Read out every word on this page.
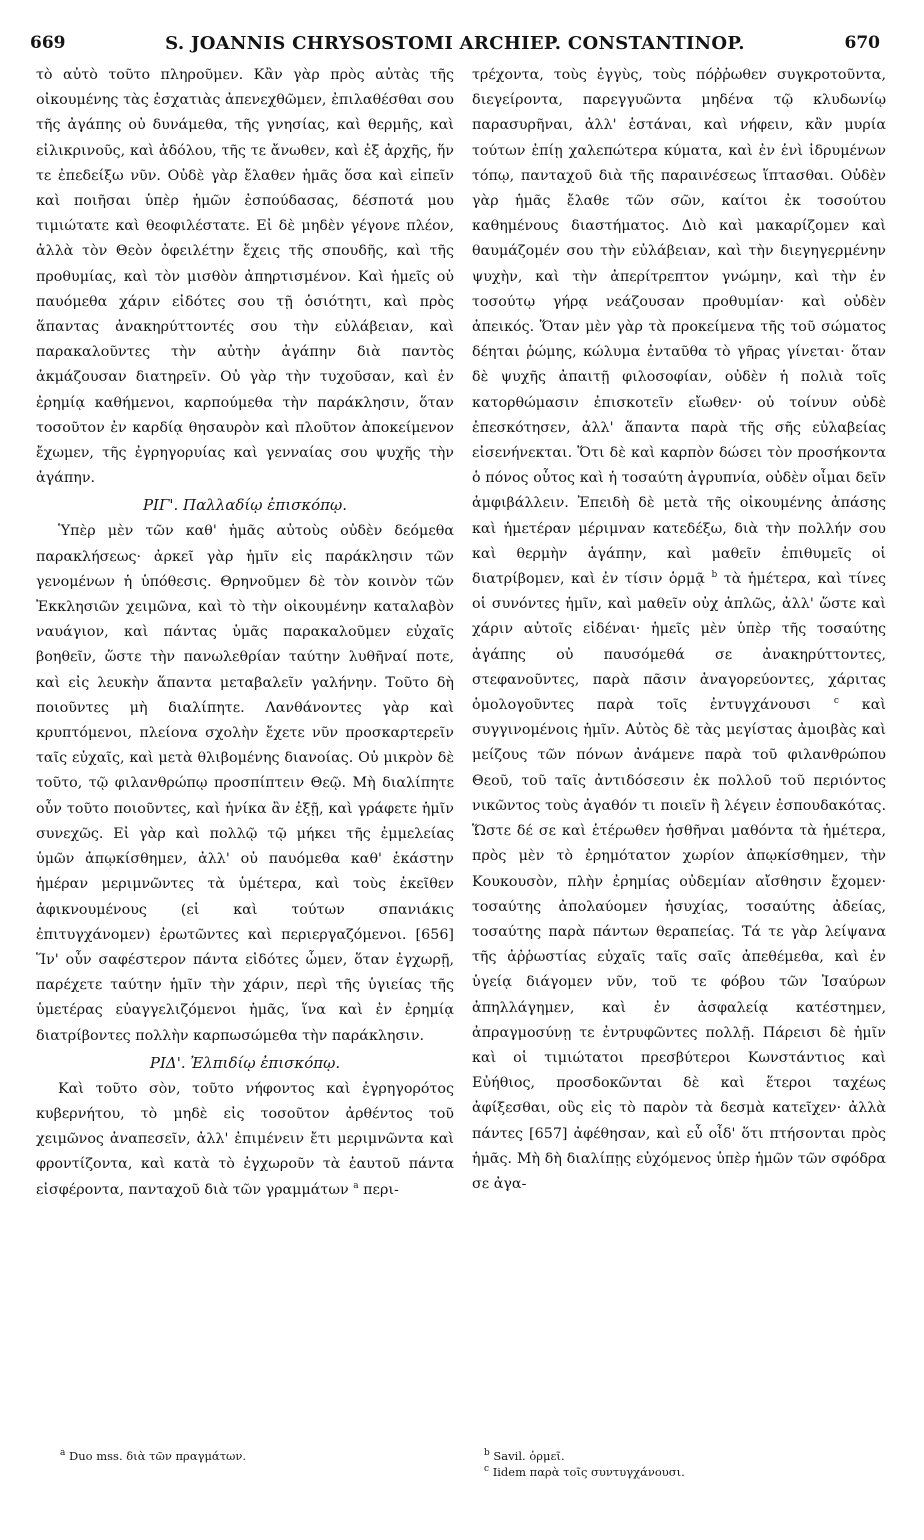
669	S. JOANNIS CHRYSOSTOMI ARCHIEP. CONSTANTINOP.	670

τὸ αὐτὸ τοῦτο πληροῦμεν. Κἂν γὰρ πρὸς αὐτὰς τῆς οἰκουμένης τὰς ἐσχατιὰς ἀπενεχθῶμεν, ἐπιλαθέσθαι σου τῆς ἀγάπης οὐ δυνάμεθα, τῆς γνησίας, καὶ θερμῆς, καὶ εἰλικρινοῦς, καὶ ἀδόλου, τῆς τε ἄνωθεν, καὶ ἐξ ἀρχῆς, ἥν τε ἐπεδείξω νῦν. Οὐδὲ γὰρ ἔλαθεν ἡμᾶς ὅσα καὶ εἰπεῖν καὶ ποιῆσαι ὑπὲρ ἡμῶν ἐσπούδασας, δέσποτά μου τιμιώτατε καὶ θεοφιλέστατε. Εἰ δὲ μηδὲν γέγονε πλέον, ἀλλὰ τὸν Θεὸν ὀφειλέτην ἔχεις τῆς σπουδῆς, καὶ τῆς προθυμίας, καὶ τὸν μισθὸν ἀπηρτισμένον. Καὶ ἡμεῖς οὐ παυόμεθα χάριν εἰδότες σου τῇ ὁσιότητι, καὶ πρὸς ἅπαντας ἀνακηρύττοντές σου τὴν εὐλάβειαν, καὶ παρακαλοῦντες τὴν αὐτὴν ἀγάπην διὰ παντὸς ἀκμάζουσαν διατηρεῖν. Οὐ γὰρ τὴν τυχοῦσαν, καὶ ἐν ἐρημίᾳ καθήμενοι, καρπούμεθα τὴν παράκλησιν, ὅταν τοσοῦτον ἐν καρδίᾳ θησαυρὸν καὶ πλοῦτον ἀποκείμενον ἔχωμεν, τῆς ἐγρηγορυίας καὶ γενναίας σου ψυχῆς τὴν ἀγάπην.

ΡΙΓ'. Παλλαδίῳ ἐπισκόπῳ.

Ὑπὲρ μὲν τῶν καθ' ἡμᾶς αὐτοὺς οὐδὲν δεόμεθα παρακλήσεως· ἀρκεῖ γὰρ ἡμῖν εἰς παράκλησιν τῶν γενομένων ἡ ὑπόθεσις. Θρηνοῦμεν δὲ τὸν κοινὸν τῶν Ἐκκλησιῶν χειμῶνα, καὶ τὸ τὴν οἰκουμένην καταλαβὸν ναυάγιον, καὶ πάντας ὑμᾶς παρακαλοῦμεν εὐχαῖς βοηθεῖν, ὥστε τὴν πανωλεθρίαν ταύτην λυθῆναί ποτε, καὶ εἰς λευκὴν ἅπαντα μεταβαλεῖν γαλήνην. Τοῦτο δὴ ποιοῦντες μὴ διαλίπητε. Λανθάνοντες γὰρ καὶ κρυπτόμενοι, πλείονα σχολὴν ἔχετε νῦν προσκαρτερεῖν ταῖς εὐχαῖς, καὶ μετὰ θλιβομένης διανοίας. Οὐ μικρὸν δὲ τοῦτο, τῷ φιλανθρώπῳ προσπίπτειν Θεῷ. Μὴ διαλίπητε οὖν τοῦτο ποιοῦντες, καὶ ἡνίκα ἂν ἐξῇ, καὶ γράφετε ἡμῖν συνεχῶς. Εἰ γὰρ καὶ πολλῷ τῷ μήκει τῆς ἐμμελείας ὑμῶν ἀπῳκίσθημεν, ἀλλ' οὐ παυόμεθα καθ' ἑκάστην ἡμέραν μεριμνῶντες τὰ ὑμέτερα, καὶ τοὺς ἐκεῖθεν ἀφικνουμένους (εἰ καὶ τούτων σπανιάκις ἐπιτυγχάνομεν) ἐρωτῶντες καὶ περιεργαζόμενοι. [656] Ἵν' οὖν σαφέστερον πάντα εἰδότες ὦμεν, ὅταν ἐγχωρῇ, παρέχετε ταύτην ἡμῖν τὴν χάριν, περὶ τῆς ὑγιείας τῆς ὑμετέρας εὐαγγελιζόμενοι ἡμᾶς, ἵνα καὶ ἐν ἐρημίᾳ διατρίβοντες πολλὴν καρπωσώμεθα τὴν παράκλησιν.

ΡΙΔ'. Ἐλπιδίῳ ἐπισκόπῳ.

Καὶ τοῦτο σὸν, τοῦτο νήφοντος καὶ ἐγρηγορότος κυβερνήτου, τὸ μηδὲ εἰς τοσοῦτον ἀρθέντος τοῦ χειμῶνος ἀναπεσεῖν, ἀλλ' ἐπιμένειν ἔτι μεριμνῶντα καὶ φροντίζοντα, καὶ κατὰ τὸ ἐγχωροῦν τὰ ἑαυτοῦ πάντα εἰσφέροντα, πανταχοῦ διὰ τῶν γραμμάτων $^a$ περι-

τρέχοντα, τοὺς ἐγγὺς, τοὺς πόῤῥωθεν συγκροτοῦντα, διεγείροντα, παρεγγυῶντα μηδένα τῷ κλυδωνίῳ παρασυρῆναι, ἀλλ' ἑστάναι, καὶ νήφειν, κἂν μυρία τούτων ἐπίῃ χαλεπώτερα κύματα, καὶ ἐν ἑνὶ ἱδρυμένων τόπῳ, πανταχοῦ διὰ τῆς παραινέσεως ἵπτασθαι. Οὐδὲν γὰρ ἡμᾶς ἔλαθε τῶν σῶν, καίτοι ἐκ τοσούτου καθημένους διαστήματος. Διὸ καὶ μακαρίζομεν καὶ θαυμάζομέν σου τὴν εὐλάβειαν, καὶ τὴν διεγηγερμένην ψυχὴν, καὶ τὴν ἀπερίτρεπτον γνώμην, καὶ τὴν ἐν τοσούτῳ γήρᾳ νεάζουσαν προθυμίαν· καὶ οὐδὲν ἀπεικός. Ὅταν μὲν γὰρ τὰ προκείμενα τῆς τοῦ σώματος δέηται ῥώμης, κώλυμα ἐνταῦθα τὸ γῆρας γίνεται· ὅταν δὲ ψυχῆς ἀπαιτῇ φιλοσοφίαν, οὐδὲν ἡ πολιὰ τοῖς κατορθώμασιν ἐπισκοτεῖν εἴωθεν· οὐ τοίνυν οὐδὲ ἐπεσκότησεν, ἀλλ' ἅπαντα παρὰ τῆς σῆς εὐλαβείας εἰσενήνεκται. Ὅτι δὲ καὶ καρπὸν δώσει τὸν προσήκοντα ὁ πόνος οὗτος καὶ ἡ τοσαύτη ἀγρυπνία, οὐδὲν οἶμαι δεῖν ἀμφιβάλλειν. Ἐπειδὴ δὲ μετὰ τῆς οἰκουμένης ἁπάσης καὶ ἡμετέραν μέριμναν κατεδέξω, διὰ τὴν πολλήν σου καὶ θερμὴν ἀγάπην, καὶ μαθεῖν ἐπιθυμεῖς οἱ διατρίβομεν, καὶ ἐν τίσιν ὁρμᾷ $^b$ τὰ ἡμέτερα, καὶ τίνες οἱ συνόντες ἡμῖν, καὶ μαθεῖν οὐχ ἁπλῶς, ἀλλ' ὥστε καὶ χάριν αὐτοῖς εἰδέναι· ἡμεῖς μὲν ὑπὲρ τῆς τοσαύτης ἀγάπης οὐ παυσόμεθά σε ἀνακηρύττοντες, στεφανοῦντες, παρὰ πᾶσιν ἀναγορεύοντες, χάριτας ὁμολογοῦντες παρὰ τοῖς ἐντυγχάνουσι	$^c$ καὶ συγγινομένοις ἡμῖν. Αὐτὸς δὲ τὰς μεγίστας ἀμοιβὰς καὶ μείζους τῶν πόνων ἀνάμενε παρὰ τοῦ φιλανθρώπου Θεοῦ, τοῦ ταῖς ἀντιδόσεσιν ἐκ πολλοῦ τοῦ περιόντος νικῶντος τοὺς ἀγαθόν τι ποιεῖν ἢ λέγειν ἐσπουδακότας. Ὥστε δέ σε καὶ ἑτέρωθεν ἡσθῆναι μαθόντα τὰ ἡμέτερα, πρὸς μὲν τὸ ἐρημότατον χωρίον ἀπῳκίσθημεν, τὴν Κουκουσὸν, πλὴν ἐρημίας οὐδεμίαν αἴσθησιν ἔχομεν· τοσαύτης ἀπολαύομεν ἡσυχίας, τοσαύτης ἀδείας, τοσαύτης παρὰ πάντων θεραπείας. Τά τε γὰρ λείψανα τῆς ἀῤῥωστίας εὐχαῖς ταῖς σαῖς ἀπεθέμεθα, καὶ ἐν ὑγείᾳ διάγομεν νῦν, τοῦ τε φόβου τῶν Ἰσαύρων ἀπηλλάγημεν, καὶ ἐν ἀσφαλείᾳ κατέστημεν, ἀπραγμοσύνῃ τε ἐντρυφῶντες πολλῇ. Πάρεισι δὲ ἡμῖν καὶ οἱ τιμιώτατοι πρεσβύτεροι Κωνστάντιος καὶ Εὐήθιος, προσδοκῶνται δὲ καὶ ἕτεροι ταχέως ἀφίξεσθαι, οὓς εἰς τὸ παρὸν τὰ δεσμὰ κατεῖχεν· ἀλλὰ πάντες [657] ἀφέθησαν, καὶ εὖ οἶδ' ὅτι πτήσονται πρὸς ἡμᾶς. Μὴ δὴ διαλίπῃς εὐχόμενος ὑπὲρ ἡμῶν τῶν σφόδρα σε ἀγα-

$^a$ Duo mss. διὰ τῶν πραγμάτων.	$^b$ Savil. ὁρμεῖ.
$^c$ Iidem παρὰ τοῖς συντυγχάνουσι.
